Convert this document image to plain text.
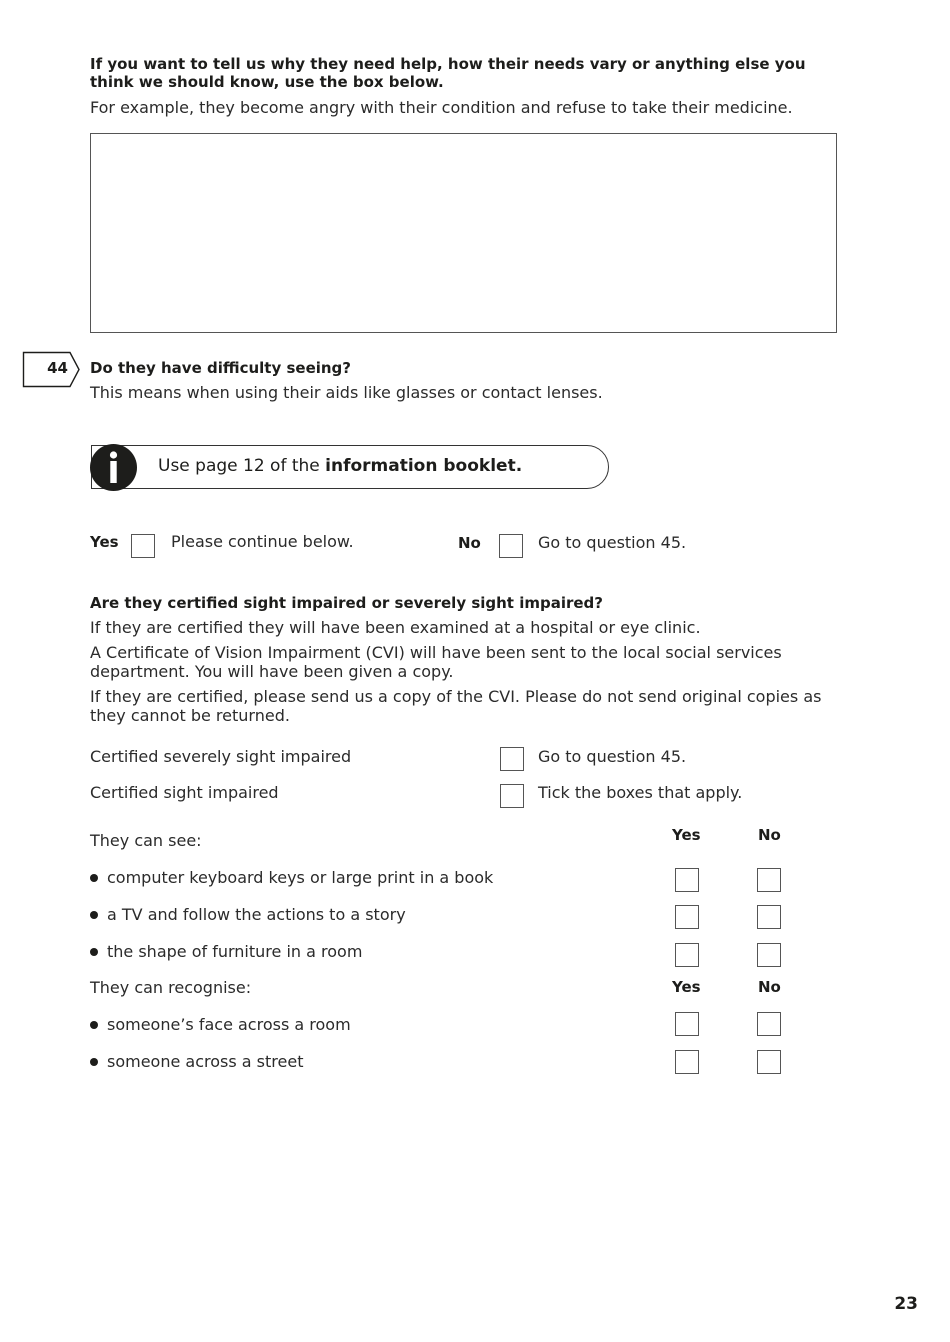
If you want to tell us why they need help, how their needs vary or anything else you think we should know, use the box below.
For example, they become angry with their condition and refuse to take their medicine.
44 Do they have difficulty seeing?
This means when using their aids like glasses or contact lenses.
Use page 12 of the information booklet.
Yes	Please continue below.	No	Go to question 45.
Are they certified sight impaired or severely sight impaired?
If they are certified they will have been examined at a hospital or eye clinic.
A Certificate of Vision Impairment (CVI) will have been sent to the local social services department. You will have been given a copy.
If they are certified, please send us a copy of the CVI. Please do not send original copies as they cannot be returned.
Certified severely sight impaired	Go to question 45.
Certified sight impaired	Tick the boxes that apply.
They can see:	Yes	No
computer keyboard keys or large print in a book
a TV and follow the actions to a story
the shape of furniture in a room
They can recognise:	Yes	No
someone’s face across a room
someone across a street
23
